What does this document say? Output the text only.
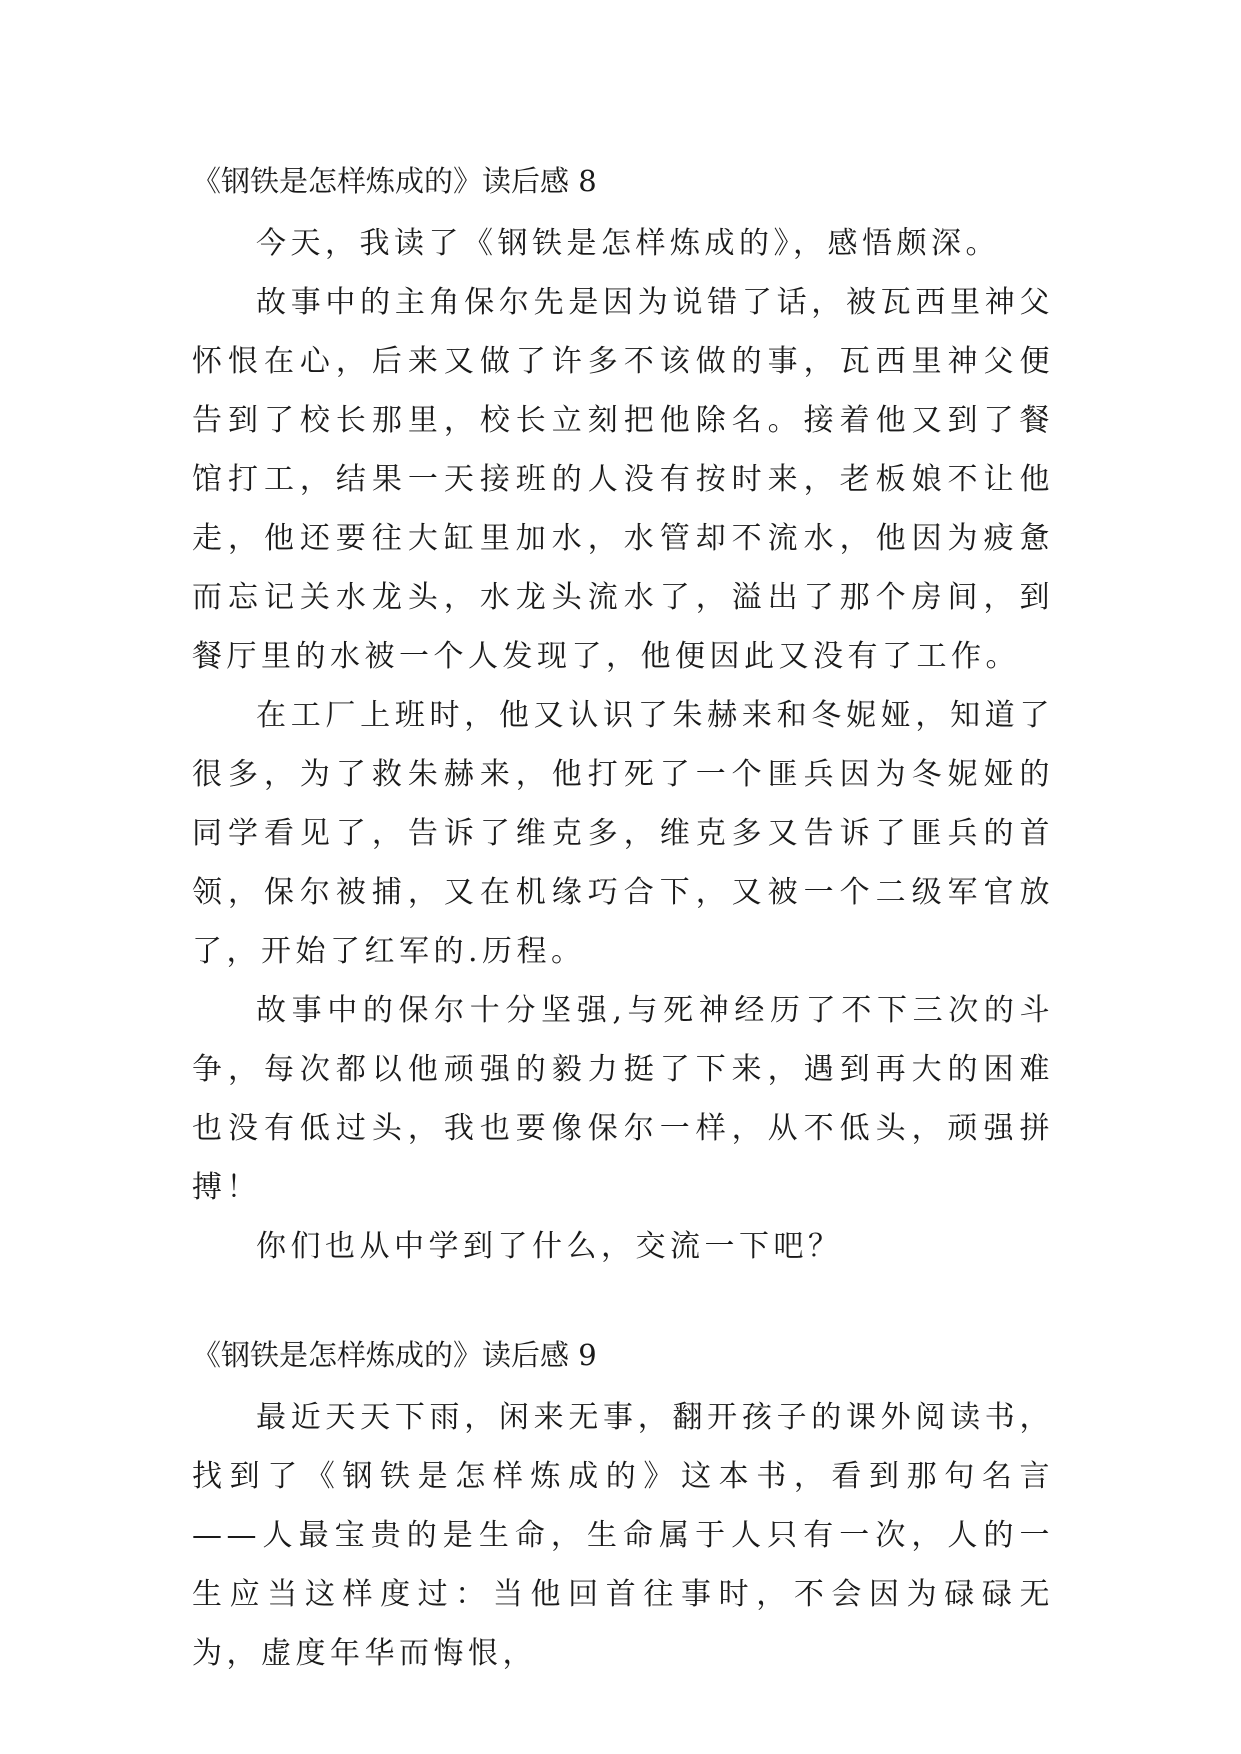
《钢铁是怎样炼成的》读后感 8

今天，我读了《钢铁是怎样炼成的》，感悟颇深。

故事中的主角保尔先是因为说错了话，被瓦西里神父怀恨在心，后来又做了许多不该做的事，瓦西里神父便告到了校长那里，校长立刻把他除名。接着他又到了餐馆打工，结果一天接班的人没有按时来，老板娘不让他走，他还要往大缸里加水，水管却不流水，他因为疲惫而忘记关水龙头，水龙头流水了，溢出了那个房间，到餐厅里的水被一个人发现了，他便因此又没有了工作。

在工厂上班时，他又认识了朱赫来和冬妮娅，知道了很多，为了救朱赫来，他打死了一个匪兵因为冬妮娅的同学看见了，告诉了维克多，维克多又告诉了匪兵的首领，保尔被捕，又在机缘巧合下，又被一个二级军官放了，开始了红军的.历程。

故事中的保尔十分坚强,与死神经历了不下三次的斗争，每次都以他顽强的毅力挺了下来，遇到再大的困难也没有低过头，我也要像保尔一样，从不低头，顽强拼搏！

你们也从中学到了什么，交流一下吧？

《钢铁是怎样炼成的》读后感 9

最近天天下雨，闲来无事，翻开孩子的课外阅读书，找到了《钢铁是怎样炼成的》这本书，看到那句名言——人最宝贵的是生命，生命属于人只有一次，人的一生应当这样度过：当他回首往事时，不会因为碌碌无为，虚度年华而悔恨，
